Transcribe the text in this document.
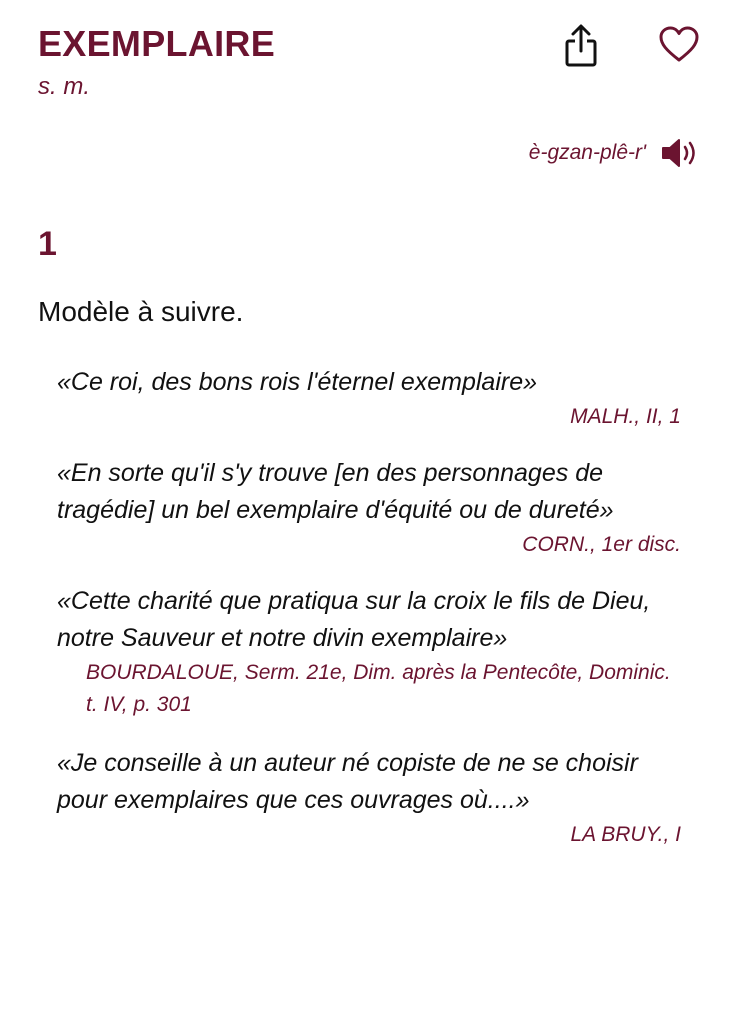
EXEMPLAIRE
s. m.
è-gzan-plê-r'
1
Modèle à suivre.
«Ce roi, des bons rois l'éternel exemplaire»
MALH., II, 1
«En sorte qu'il s'y trouve [en des personnages de tragédie] un bel exemplaire d'équité ou de dureté»
CORN., 1er disc.
«Cette charité que pratiqua sur la croix le fils de Dieu, notre Sauveur et notre divin exemplaire»
BOURDALOUE, Serm. 21e, Dim. après la Pentecôte, Dominic. t. IV, p. 301
«Je conseille à un auteur né copiste de ne se choisir pour exemplaires que ces ouvrages où....»
LA BRUY., I
